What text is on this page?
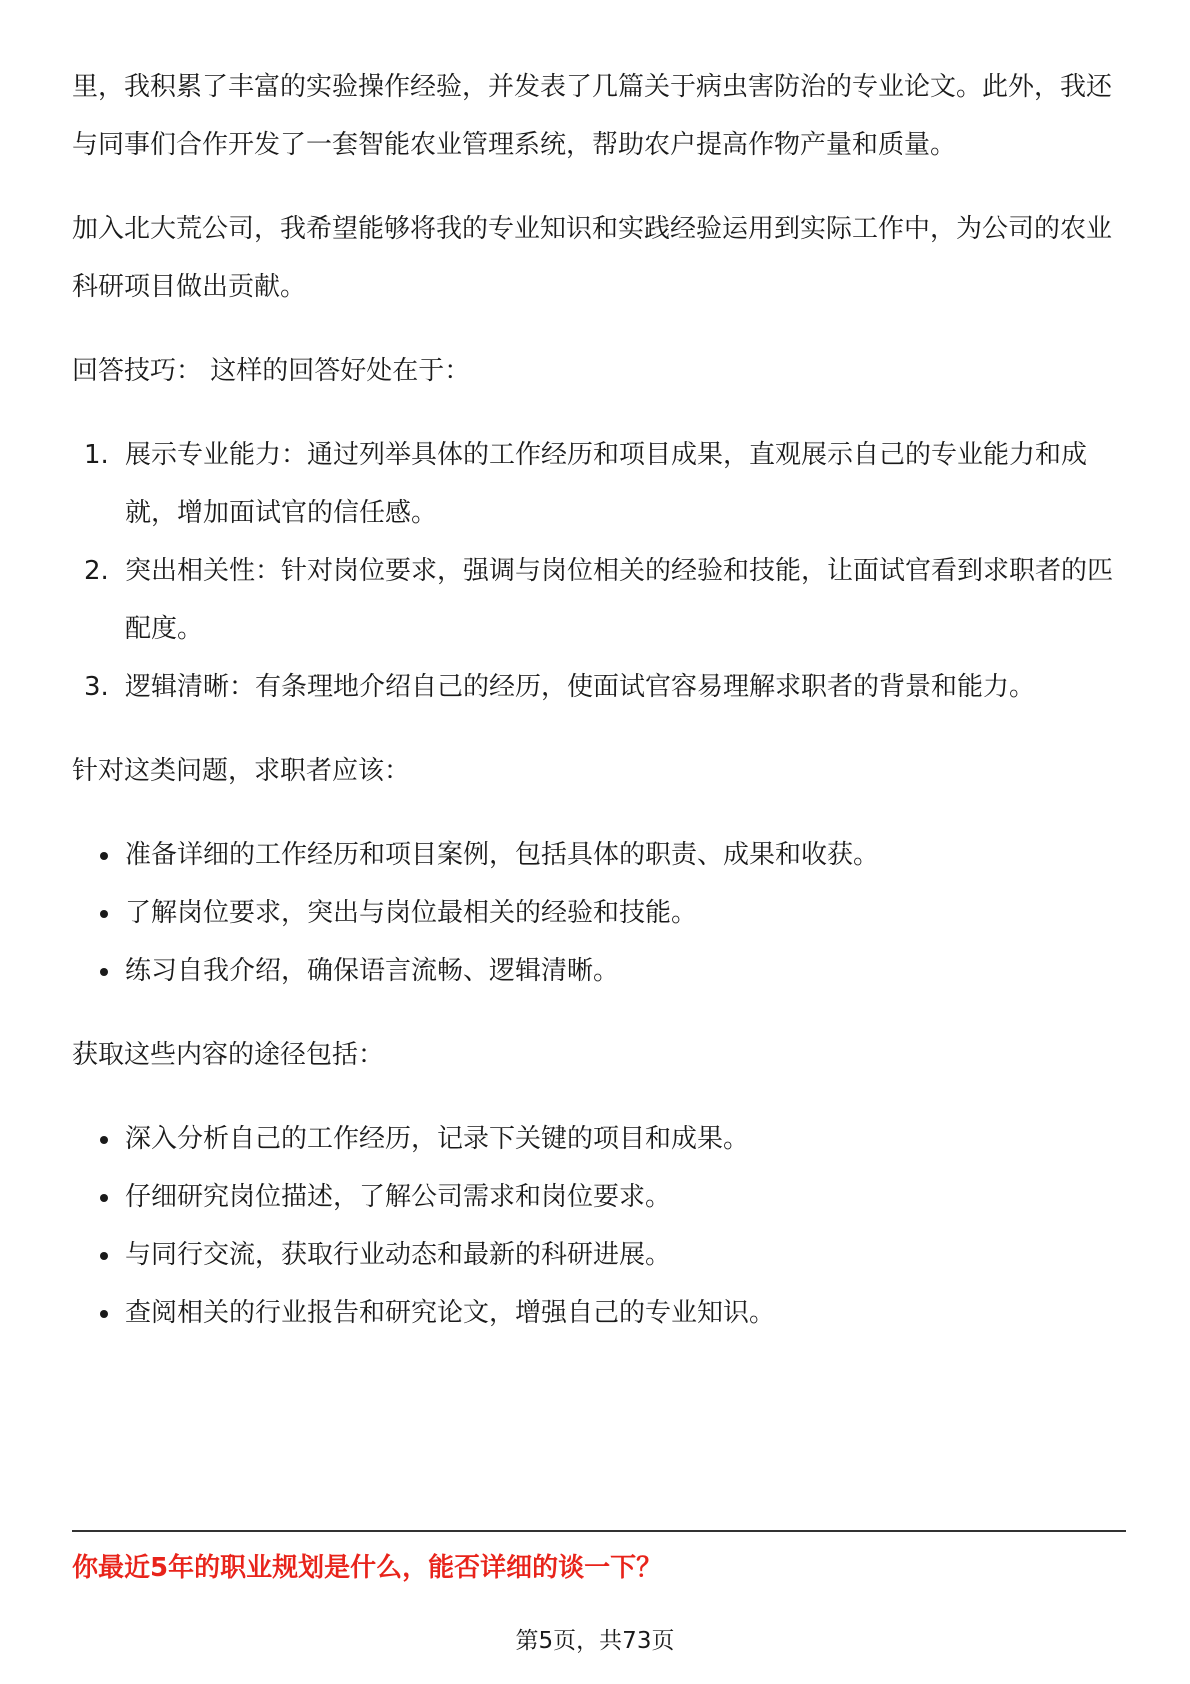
里，我积累了丰富的实验操作经验，并发表了几篇关于病虫害防治的专业论文。此外，我还与同事们合作开发了一套智能农业管理系统，帮助农户提高作物产量和质量。

加入北大荒公司，我希望能够将我的专业知识和实践经验运用到实际工作中，为公司的农业科研项目做出贡献。

回答技巧： 这样的回答好处在于：

1. 展示专业能力：通过列举具体的工作经历和项目成果，直观展示自己的专业能力和成就，增加面试官的信任感。
2. 突出相关性：针对岗位要求，强调与岗位相关的经验和技能，让面试官看到求职者的匹配度。
3. 逻辑清晰：有条理地介绍自己的经历，使面试官容易理解求职者的背景和能力。

针对这类问题，求职者应该：

准备详细的工作经历和项目案例，包括具体的职责、成果和收获。
了解岗位要求，突出与岗位最相关的经验和技能。
练习自我介绍，确保语言流畅、逻辑清晰。

获取这些内容的途径包括：

深入分析自己的工作经历，记录下关键的项目和成果。
仔细研究岗位描述，了解公司需求和岗位要求。
与同行交流，获取行业动态和最新的科研进展。
查阅相关的行业报告和研究论文，增强自己的专业知识。
你最近5年的职业规划是什么，能否详细的谈一下？
第5页，共73页
